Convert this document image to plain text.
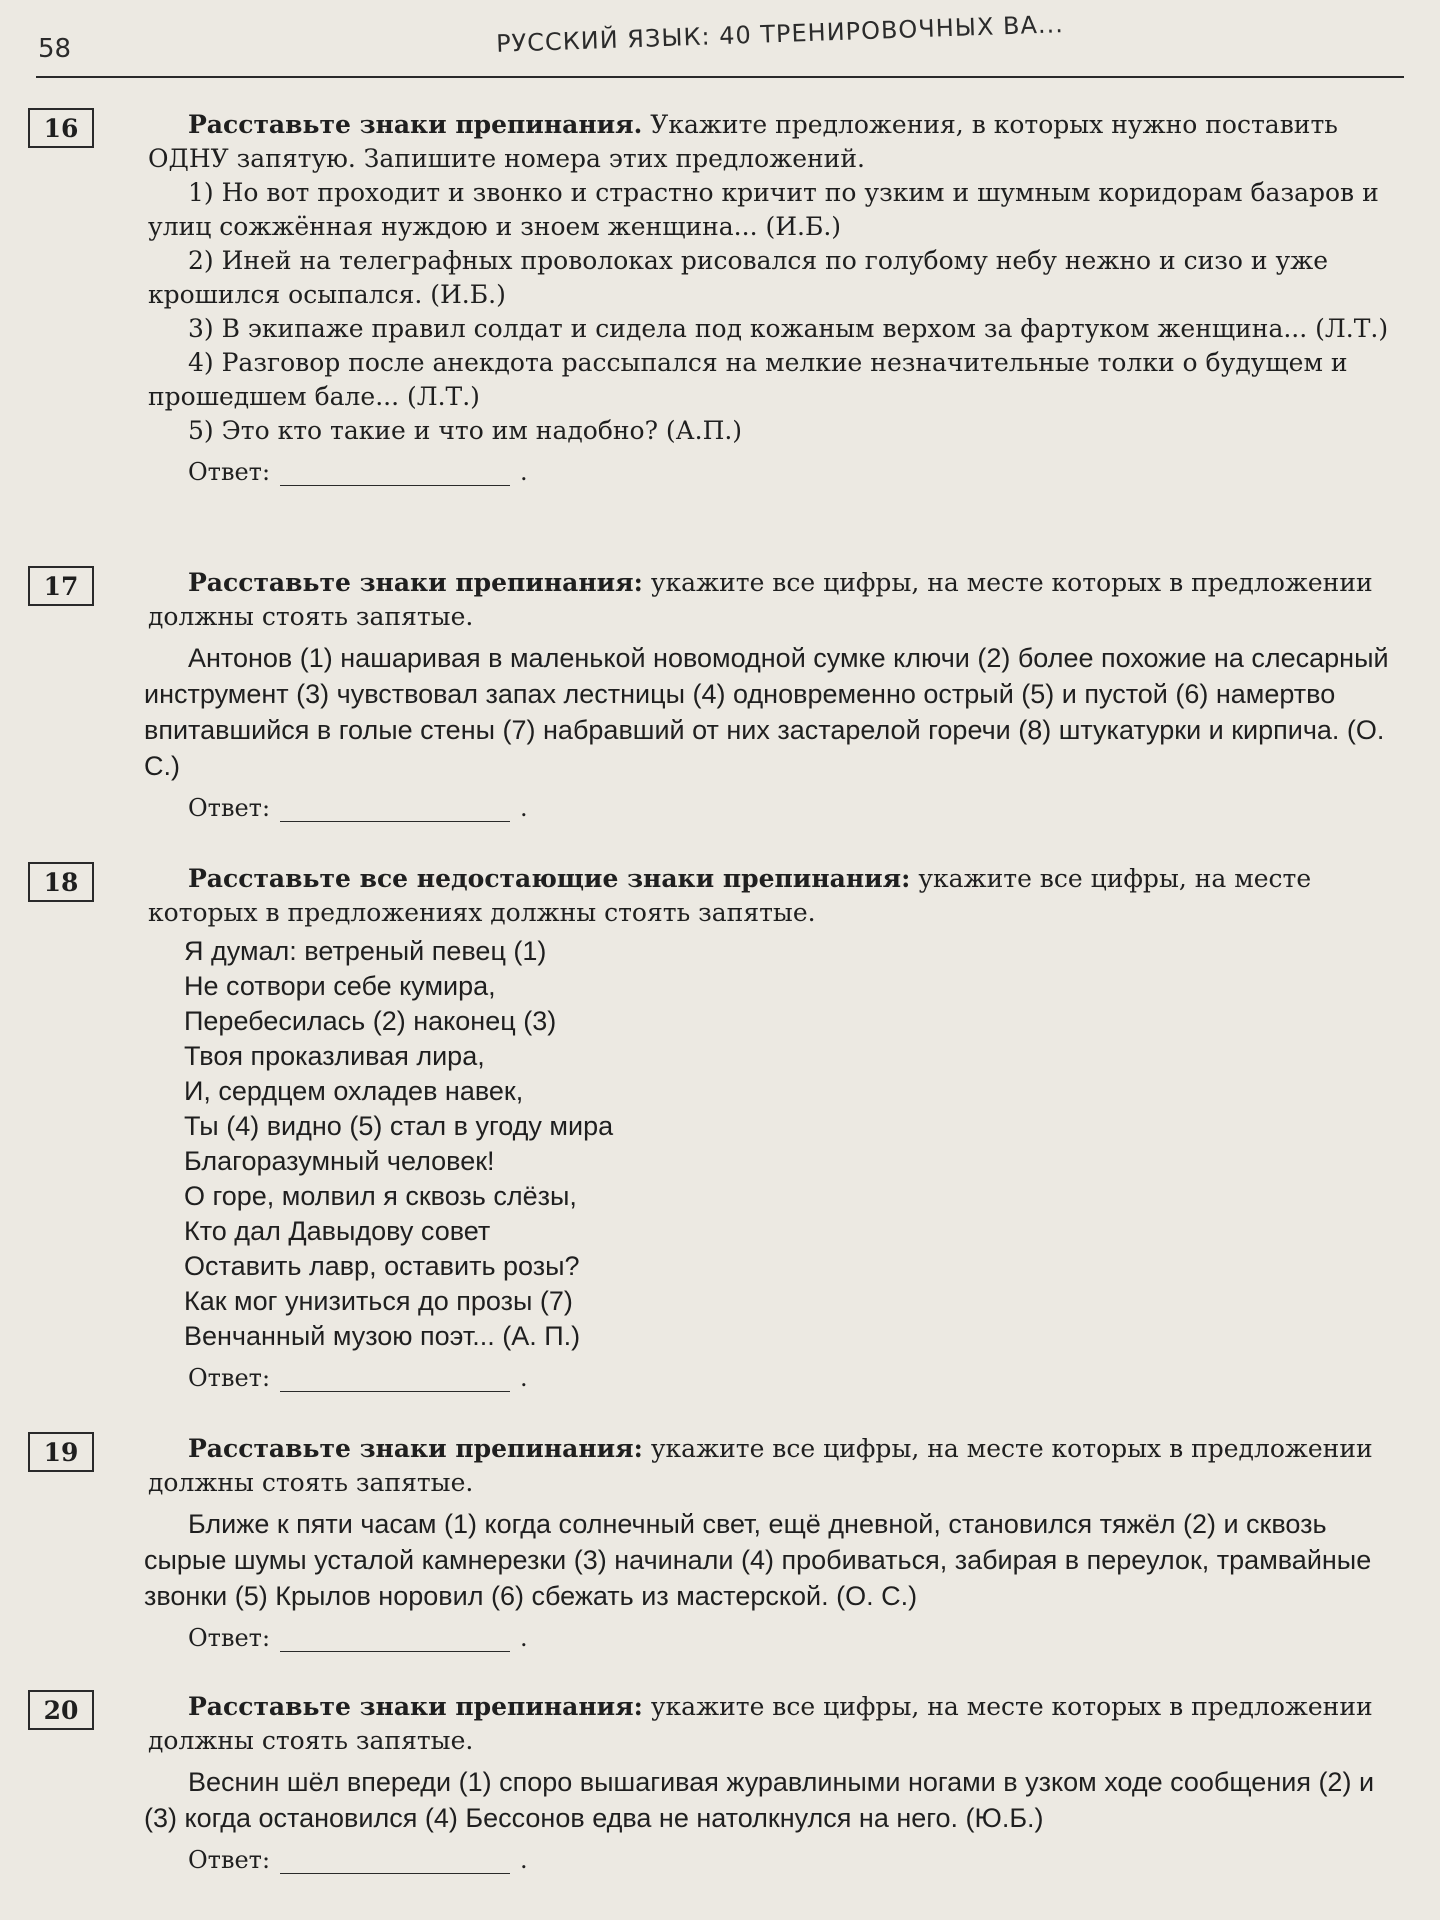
58	РУССКИЙ ЯЗЫК: 40 ТРЕНИРОВОЧНЫХ ВА...
16	Расставьте знаки препинания. Укажите предложения, в которых нужно поставить ОДНУ запятую. Запишите номера этих предложений.

1) Но вот проходит и звонко и страстно кричит по узким и шумным коридорам базаров и улиц сожжённая нуждою и зноем женщина... (И.Б.)

2) Иней на телеграфных проволоках рисовался по голубому небу нежно и сизо и уже крошился осыпался. (И.Б.)

3) В экипаже правил солдат и сидела под кожаным верхом за фартуком женщина... (Л.Т.)

4) Разговор после анекдота рассыпался на мелкие незначительные толки о будущем и прошедшем бале... (Л.Т.)

5) Это кто такие и что им надобно? (А.П.)

Ответ:	.
17	Расставьте знаки препинания: укажите все цифры, на месте которых в предложении должны стоять запятые.
Антонов (1) нашаривая в маленькой новомодной сумке ключи (2) более похожие на слесарный инструмент (3) чувствовал запах лестницы (4) одновременно острый (5) и пустой (6) намертво впитавшийся в голые стены (7) набравший от них застарелой горечи (8) штукатурки и кирпича. (О. С.)
Ответ:	.
18	Расставьте все недостающие знаки препинания: укажите все цифры, на месте которых в предложениях должны стоять запятые.
Я думал: ветреный певец (1)
Не сотвори себе кумира,
Перебесилась (2) наконец (3)
Твоя проказливая лира,
И, сердцем охладев навек,
Ты (4) видно (5) стал в угоду мира
Благоразумный человек!
О горе, молвил я сквозь слёзы,
Кто дал Давыдову совет
Оставить лавр, оставить розы?
Как мог унизиться до прозы (7)
Венчанный музою поэт... (А. П.)
Ответ:	.
19	Расставьте знаки препинания: укажите все цифры, на месте которых в предложении должны стоять запятые.
Ближе к пяти часам (1) когда солнечный свет, ещё дневной, становился тяжёл (2) и сквозь сырые шумы усталой камнерезки (3) начинали (4) пробиваться, забирая в переулок, трамвайные звонки (5) Крылов норовил (6) сбежать из мастерской. (О. С.)
Ответ:	.
20	Расставьте знаки препинания: укажите все цифры, на месте которых в предложении должны стоять запятые.
Веснин шёл впереди (1) споро вышагивая журавлиными ногами в узком ходе сообщения (2) и (3) когда остановился (4) Бессонов едва не натолкнулся на него. (Ю.Б.)
Ответ:	.
